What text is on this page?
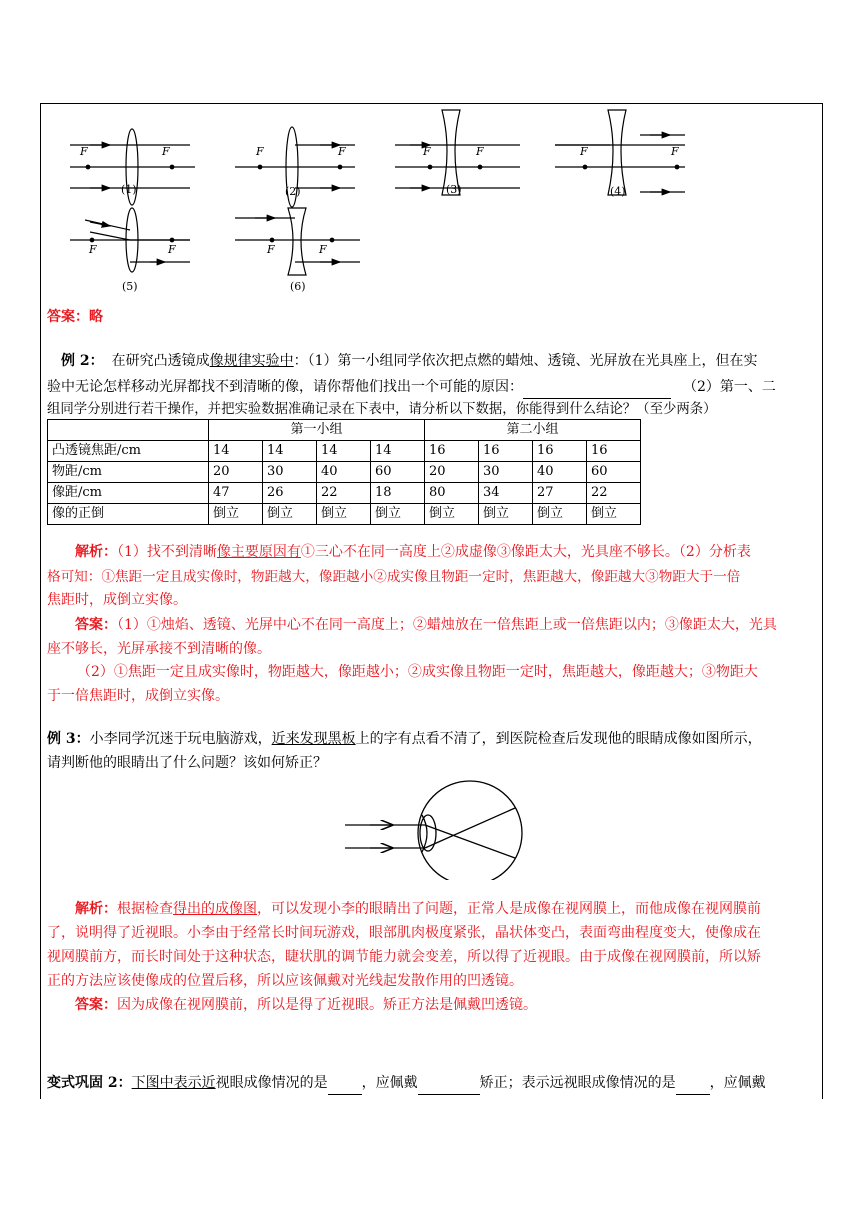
F	F
(1)
F	F
(2)
F	F
(3)
F	F
(4)
F	F
(5)
F	F
(6)
答案：略
例 2： 在研究凸透镜成像规律实验中：（1）第一小组同学依次把点燃的蜡烛、透镜、光屏放在光具座上，但在实
验中无论怎样移动光屏都找不到清晰的像，请你帮他们找出一个可能的原因：	（2）第一、二
组同学分别进行若干操作，并把实验数据准确记录在下表中，请分析以下数据，你能得到什么结论？（至少两条）
	第一小组				第二小组			
凸透镜焦距/cm	14	14	14	14	16	16	16	16
物距/cm	20	30	40	60	20	30	40	60
像距/cm	47	26	22	18	80	34	27	22
像的正倒	倒立	倒立	倒立	倒立	倒立	倒立	倒立	倒立
解析：（1）找不到清晰像主要原因有①三心不在同一高度上②成虚像③像距太大，光具座不够长。（2）分析表
格可知：①焦距一定且成实像时，物距越大，像距越小②成实像且物距一定时，焦距越大，像距越大③物距大于一倍
焦距时，成倒立实像。
答案：（1）①烛焰、透镜、光屏中心不在同一高度上；②蜡烛放在一倍焦距上或一倍焦距以内；③像距太大，光具
座不够长，光屏承接不到清晰的像。
（2）①焦距一定且成实像时，物距越大，像距越小；②成实像且物距一定时，焦距越大，像距越大；③物距大
于一倍焦距时，成倒立实像。
例 3：小李同学沉迷于玩电脑游戏，近来发现黑板上的字有点看不清了，到医院检查后发现他的眼睛成像如图所示，
请判断他的眼睛出了什么问题？该如何矫正？
解析：根据检查得出的成像图，可以发现小李的眼睛出了问题，正常人是成像在视网膜上，而他成像在视网膜前
了，说明得了近视眼。小李由于经常长时间玩游戏，眼部肌肉极度紧张，晶状体变凸，表面弯曲程度变大，使像成在
视网膜前方，而长时间处于这种状态，睫状肌的调节能力就会变差，所以得了近视眼。由于成像在视网膜前，所以矫
正的方法应该使像成的位置后移，所以应该佩戴对光线起发散作用的凹透镜。
答案：因为成像在视网膜前，所以是得了近视眼。矫正方法是佩戴凹透镜。
变式巩固 2：下图中表示近视眼成像情况的是 ，应佩戴	矫正；表示远视眼成像情况的是 ，应佩戴
